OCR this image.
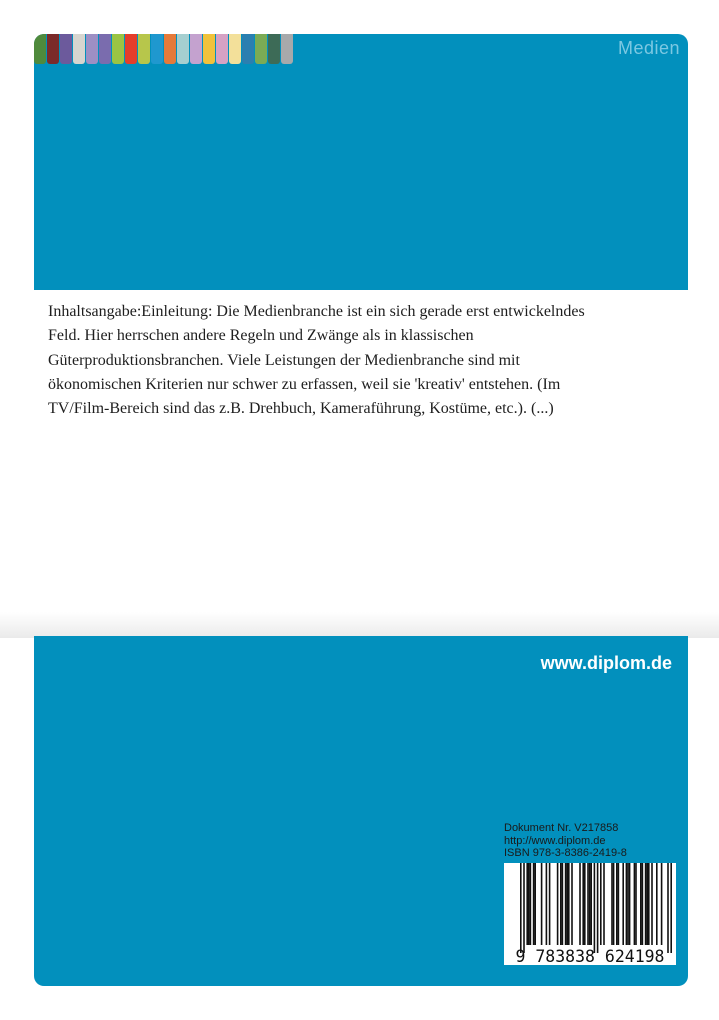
Medien

Inhaltsangabe:Einleitung: Die Medienbranche ist ein sich gerade erst entwickelndes Feld. Hier herrschen andere Regeln und Zwänge als in klassischen Güterproduktionsbranchen. Viele Leistungen der Medienbranche sind mit ökonomischen Kriterien nur schwer zu erfassen, weil sie 'kreativ' entstehen. (Im TV/Film-Bereich sind das z.B. Drehbuch, Kameraführung, Kostüme, etc.). (...)

www.diplom.de
Dokument Nr. V217858
http://www.diplom.de
ISBN 978-3-8386-2419-8
9 783838 624198
